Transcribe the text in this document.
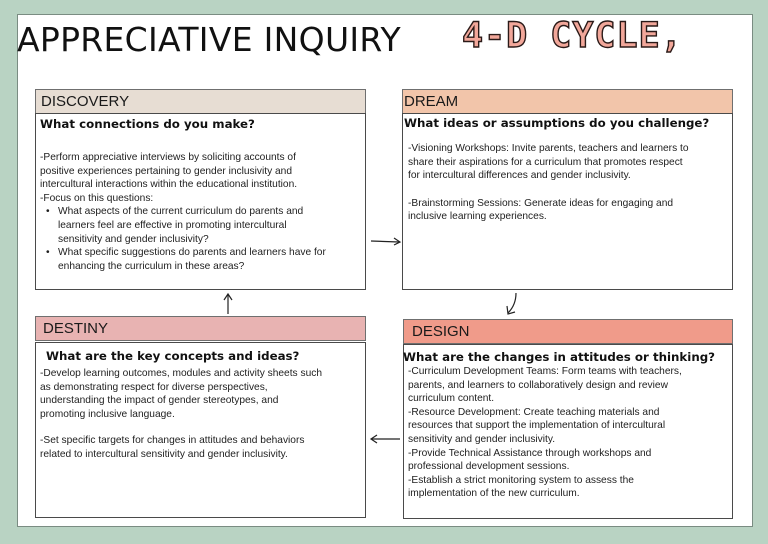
APPRECIATIVE INQUIRY 4-D CYCLE,
DISCOVERY
What connections do you make?
-Perform appreciative interviews by soliciting accounts of
positive experiences pertaining to gender inclusivity and
intercultural interactions within the educational institution.
-Focus on this questions:
• What aspects of the current curriculum do parents and
learners feel are effective in promoting intercultural
sensitivity and gender inclusivity?
• What specific suggestions do parents and learners have for
enhancing the curriculum in these areas?
DREAM
What ideas or assumptions do you challenge?
-Visioning Workshops: Invite parents, teachers and learners to
share their aspirations for a curriculum that promotes respect
for intercultural differences and gender inclusivity.
-Brainstorming Sessions: Generate ideas for engaging and
inclusive learning experiences.
DESTINY
What are the key concepts and ideas?
-Develop learning outcomes, modules and activity sheets such
as demonstrating respect for diverse perspectives,
understanding the impact of gender stereotypes, and
promoting inclusive language.
-Set specific targets for changes in attitudes and behaviors
related to intercultural sensitivity and gender inclusivity.
DESIGN
What are the changes in attitudes or thinking?
-Curriculum Development Teams: Form teams with teachers,
parents, and learners to collaboratively design and review
curriculum content.
-Resource Development: Create teaching materials and
resources that support the implementation of intercultural
sensitivity and gender inclusivity.
-Provide Technical Assistance through workshops and
professional development sessions.
-Establish a strict monitoring system to assess the
implementation of the new curriculum.
